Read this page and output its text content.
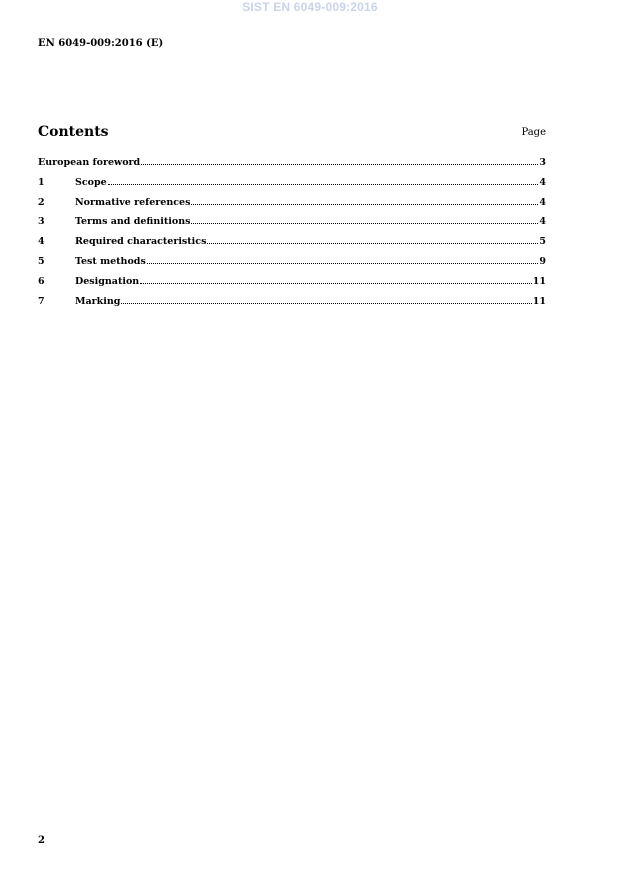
SIST EN 6049-009:2016
EN 6049-009:2016 (E)
Contents	Page
European foreword	3
1	Scope	4
2	Normative references	4
3	Terms and definitions	4
4	Required characteristics	5
5	Test methods	9
6	Designation	11
7	Marking	11
2
